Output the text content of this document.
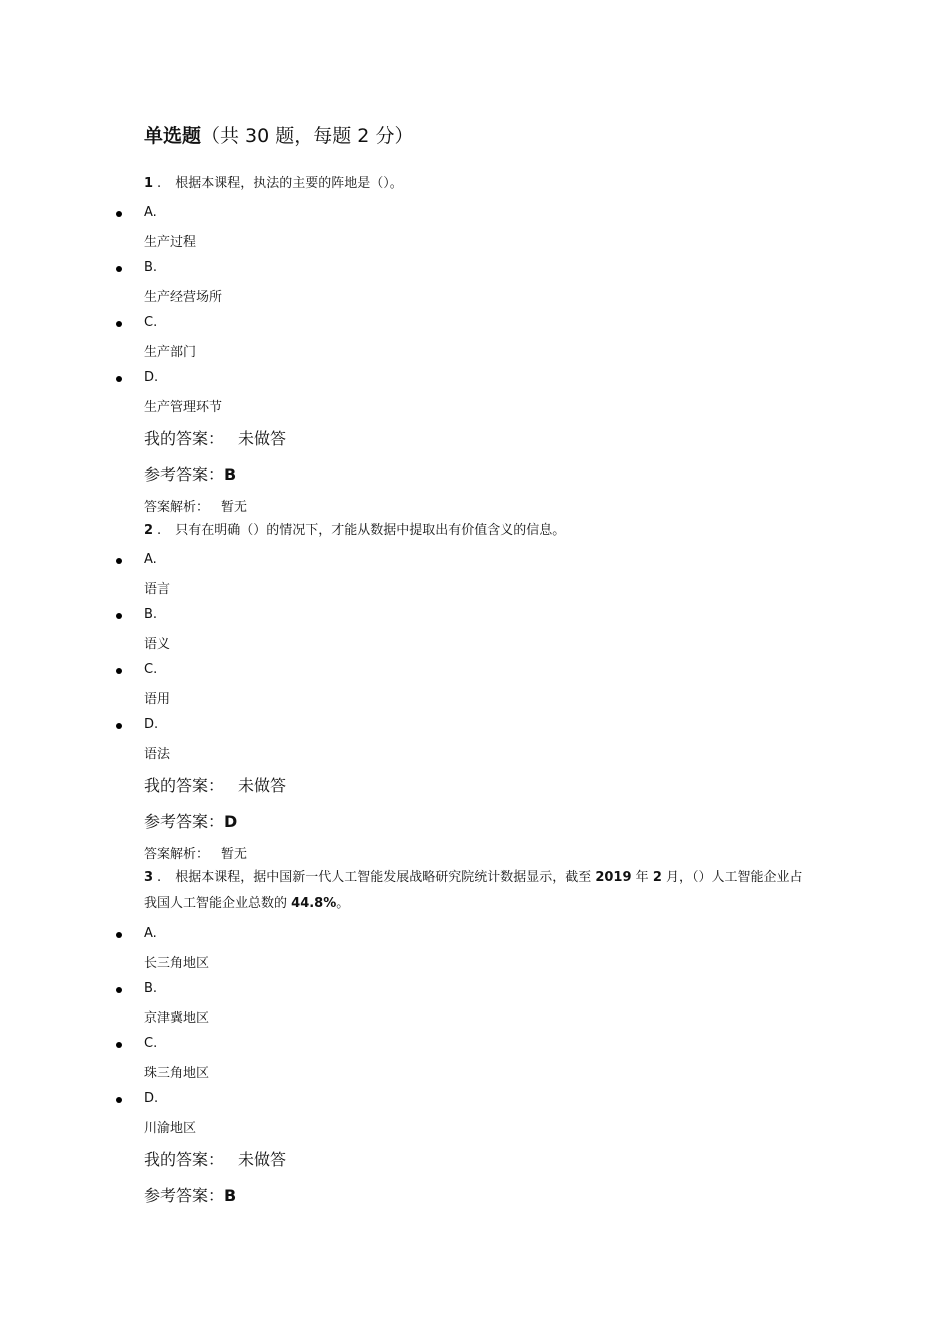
单选题（共 30 题，每题 2 分）
1 . 根据本课程，执法的主要的阵地是（）。
A.
生产过程
B.
生产经营场所
C.
生产部门
D.
生产管理环节
我的答案： 未做答
参考答案：B
答案解析： 暂无
2 . 只有在明确（）的情况下，才能从数据中提取出有价值含义的信息。
A.
语言
B.
语义
C.
语用
D.
语法
我的答案： 未做答
参考答案：D
答案解析： 暂无
3 . 根据本课程，据中国新一代人工智能发展战略研究院统计数据显示，截至 2019 年 2 月，（）人工智能企业占我国人工智能企业总数的 44.8%。
A.
长三角地区
B.
京津冀地区
C.
珠三角地区
D.
川渝地区
我的答案： 未做答
参考答案：B
